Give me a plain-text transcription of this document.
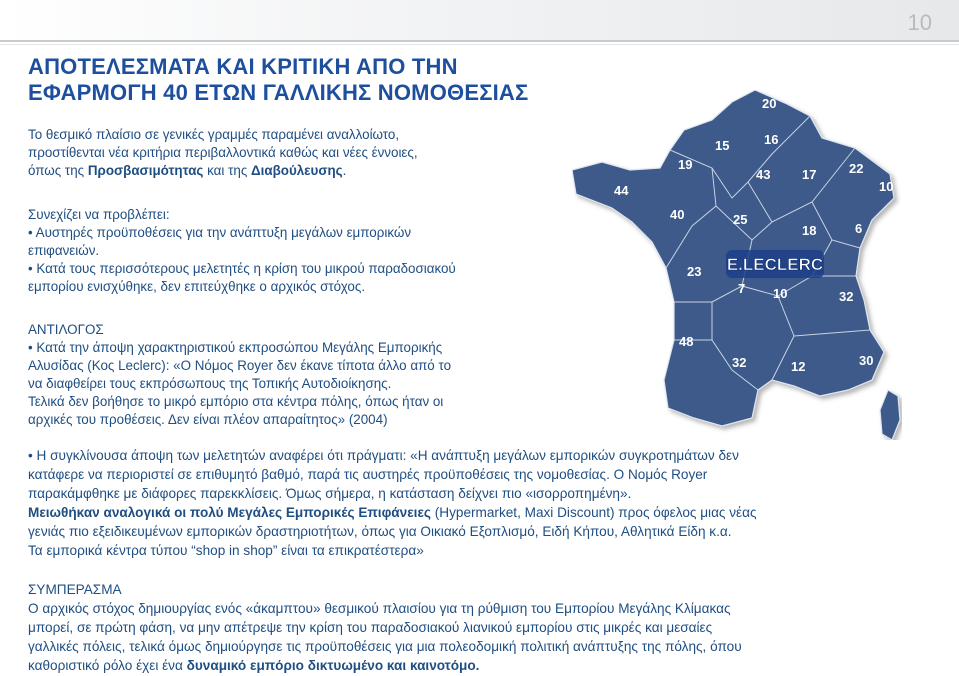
10
ΑΠΟΤΕΛΕΣΜΑΤΑ ΚΑΙ ΚΡΙΤΙΚΗ ΑΠΟ ΤΗΝ
ΕΦΑΡΜΟΓΗ 40 ΕΤΩΝ ΓΑΛΛΙΚΗΣ ΝΟΜΟΘΕΣΙΑΣ
Το θεσμικό πλαίσιο σε γενικές γραμμές παραμένει αναλλοίωτο,
προστίθενται νέα κριτήρια περιβαλλοντικά καθώς και νέες έννοιες,
όπως της Προσβασιμότητας και της Διαβούλευσης.
Συνεχίζει να προβλέπει:
• Αυστηρές προϋποθέσεις για την ανάπτυξη μεγάλων εμπορικών
επιφανειών.
• Κατά τους περισσότερους μελετητές η κρίση του μικρού παραδοσιακού
εμπορίου ενισχύθηκε, δεν επιτεύχθηκε ο αρχικός στόχος.
ΑΝΤΙΛΟΓΟΣ
• Κατά την άποψη χαρακτηριστικού εκπροσώπου Μεγάλης Εμπορικής
Αλυσίδας (Κος Leclerc): «Ο Νόμος Royer δεν έκανε τίποτα άλλο από το
να διαφθείρει τους εκπρόσωπους της Τοπικής Αυτοδιοίκησης.
Τελικά δεν βοήθησε το μικρό εμπόριο στα κέντρα πόλης, όπως ήταν οι
αρχικές του προθέσεις. Δεν είναι πλέον απαραίτητος» (2004)
• Η συγκλίνουσα άποψη των μελετητών αναφέρει ότι πράγματι: «Η ανάπτυξη μεγάλων εμπορικών συγκροτημάτων δεν
κατάφερε να περιοριστεί σε επιθυμητό βαθμό, παρά τις αυστηρές προϋποθέσεις της νομοθεσίας. Ο Νομός Royer
παρακάμφθηκε με διάφορες παρεκκλίσεις. Όμως σήμερα, η κατάσταση δείχνει πιο «ισορροπημένη».
Μειωθήκαν αναλογικά οι πολύ Μεγάλες Εμπορικές Επιφάνειες (Hypermarket, Maxi Discount) προς όφελος μιας νέας
γενιάς πιο εξειδικευμένων εμπορικών δραστηριοτήτων, όπως για Οικιακό Εξοπλισμό, Ειδή Κήπου, Αθλητικά Είδη κ.α.
Τα εμπορικά κέντρα τύπου “shop in shop” είναι τα επικρατέστερα»
ΣΥΜΠΕΡΑΣΜΑ
Ο αρχικός στόχος δημιουργίας ενός «άκαμπτου» θεσμικού πλαισίου για τη ρύθμιση του Εμπορίου Μεγάλης Κλίμακας
μπορεί, σε πρώτη φάση, να μην απέτρεψε την κρίση του παραδοσιακού λιανικού εμπορίου στις μικρές και μεσαίες
γαλλικές πόλεις, τελικά όμως δημιούργησε τις προϋποθέσεις για μια πολεοδομική πολιτική ανάπτυξης της πόλης, όπου
καθοριστικό ρόλο έχει ένα δυναμικό εμπόριο δικτυωμένο και καινοτόμο.
E.LECLERC
20
15	16
19
43 17	22
44	10
40	25
18	6
23
7 10	32
48
32	12	30
